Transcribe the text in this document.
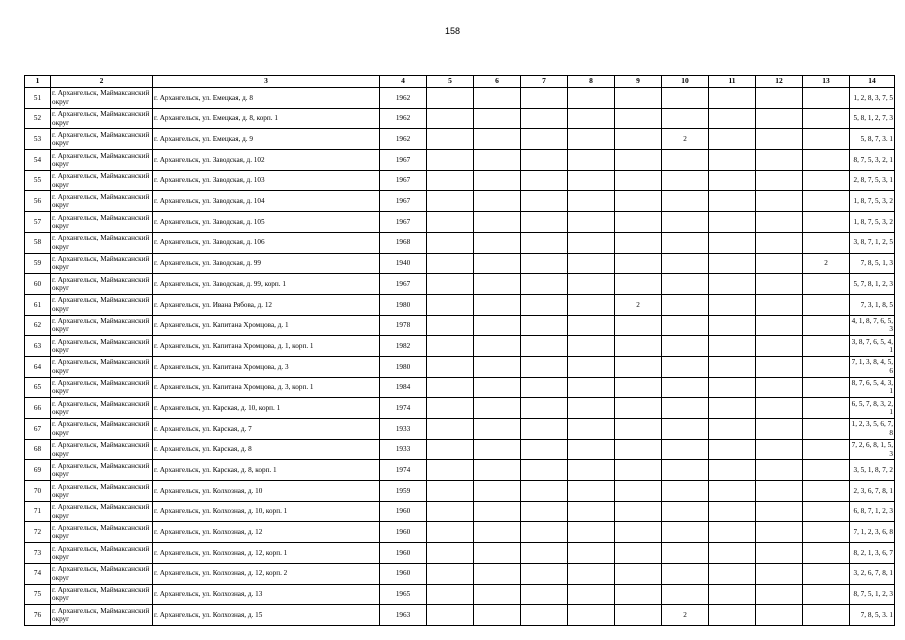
158
1	2	3	4	5	6	7	8	9	10	11	12	13	14
51	г. Архангельск, Маймаксанский округ	г. Архангельск, ул. Емецкая, д. 8	1962										1, 2, 8, 3, 7, 5
52	г. Архангельск, Маймаксанский округ	г. Архангельск, ул. Емецкая, д. 8, корп. 1	1962										5, 8, 1, 2, 7, 3
53	г. Архангельск, Маймаксанский округ	г. Архангельск, ул. Емецкая, д. 9	1962						2				5, 8, 7, 3. 1
54	г. Архангельск, Маймаксанский округ	г. Архангельск, ул. Заводская, д. 102	1967										8, 7, 5, 3, 2, 1
55	г. Архангельск, Маймаксанский округ	г. Архангельск, ул. Заводская, д. 103	1967										2, 8, 7, 5, 3, 1
56	г. Архангельск, Маймаксанский округ	г. Архангельск, ул. Заводская, д. 104	1967										1, 8, 7, 5, 3, 2
57	г. Архангельск, Маймаксанский округ	г. Архангельск, ул. Заводская, д. 105	1967										1, 8, 7, 5, 3, 2
58	г. Архангельск, Маймаксанский округ	г. Архангельск, ул. Заводская, д. 106	1968										3, 8, 7, 1, 2, 5
59	г. Архангельск, Маймаксанский округ	г. Архангельск, ул. Заводская, д. 99	1940									2	7, 8, 5, 1, 3
60	г. Архангельск, Маймаксанский округ	г. Архангельск, ул. Заводская, д. 99, корп. 1	1967										5, 7, 8, 1, 2, 3
61	г. Архангельск, Маймаксанский округ	г. Архангельск, ул. Ивана Рябова, д. 12	1980					2					7, 3, 1, 8, 5
62	г. Архангельск, Маймаксанский округ	г. Архангельск, ул. Капитана Хромцова, д. 1	1978										4, 1, 8, 7, 6, 5, 3
63	г. Архангельск, Маймаксанский округ	г. Архангельск, ул. Капитана Хромцова, д. 1, корп. 1	1982										3, 8, 7, 6, 5, 4, 1
64	г. Архангельск, Маймаксанский округ	г. Архангельск, ул. Капитана Хромцова, д. 3	1980										7, 1, 3, 8, 4, 5, 6
65	г. Архангельск, Маймаксанский округ	г. Архангельск, ул. Капитана Хромцова, д. 3, корп. 1	1984										8, 7, 6, 5, 4, 3, 1
66	г. Архангельск, Маймаксанский округ	г. Архангельск, ул. Карская, д. 10, корп. 1	1974										6, 5, 7, 8, 3, 2, 1
67	г. Архангельск, Маймаксанский округ	г. Архангельск, ул. Карская, д. 7	1933										1, 2, 3, 5, 6, 7, 8
68	г. Архангельск, Маймаксанский округ	г. Архангельск, ул. Карская, д. 8	1933										7, 2, 6, 8, 1, 5, 3
69	г. Архангельск, Маймаксанский округ	г. Архангельск, ул. Карская, д. 8, корп. 1	1974										3, 5, 1, 8, 7, 2
70	г. Архангельск, Маймаксанский округ	г. Архангельск, ул. Колхозная, д. 10	1959										2, 3, 6, 7, 8, 1
71	г. Архангельск, Маймаксанский округ	г. Архангельск, ул. Колхозная, д. 10, корп. 1	1960										6, 8, 7, 1, 2, 3
72	г. Архангельск, Маймаксанский округ	г. Архангельск, ул. Колхозная, д. 12	1960										7, 1, 2, 3, 6, 8
73	г. Архангельск, Маймаксанский округ	г. Архангельск, ул. Колхозная, д. 12, корп. 1	1960										8, 2, 1, 3, 6, 7
74	г. Архангельск, Маймаксанский округ	г. Архангельск, ул. Колхозная, д. 12, корп. 2	1960										3, 2, 6, 7, 8, 1
75	г. Архангельск, Маймаксанский округ	г. Архангельск, ул. Колхозная, д. 13	1965										8, 7, 5, 1, 2, 3
76	г. Архангельск, Маймаксанский округ	г. Архангельск, ул. Колхозная, д. 15	1963						2				7, 8, 5, 3. 1
